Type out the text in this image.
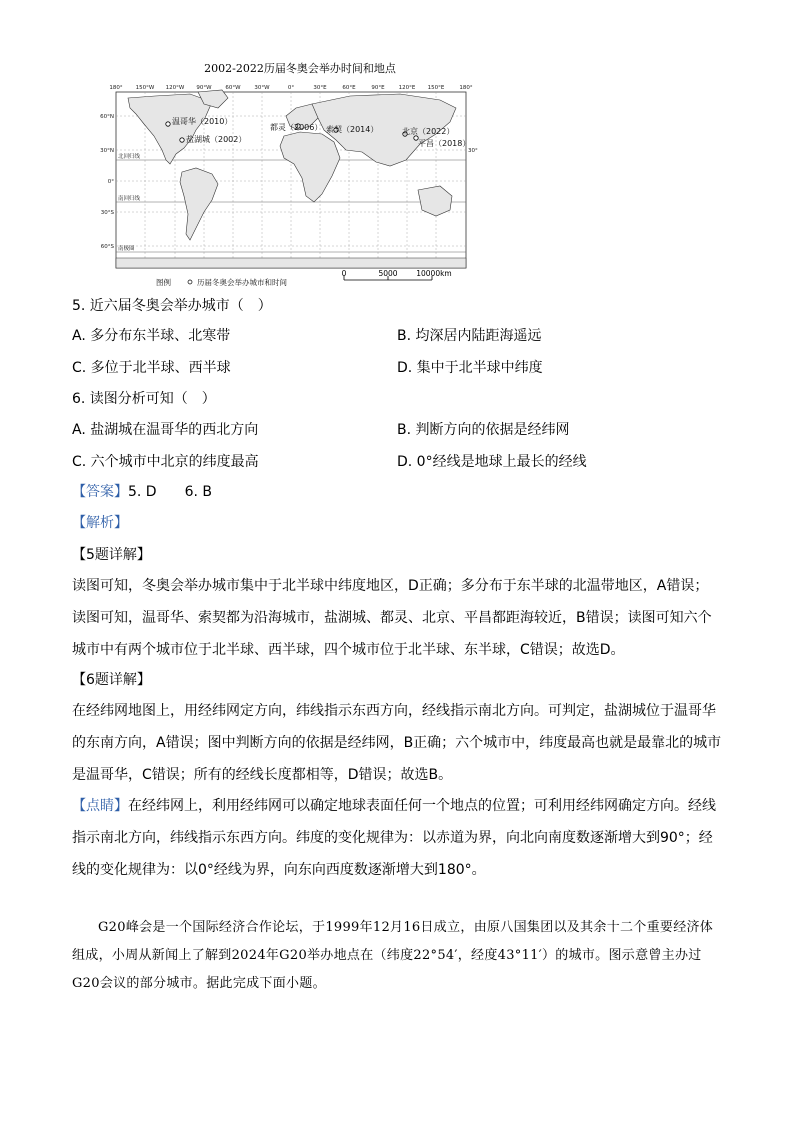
2002-2022历届冬奥会举办时间和地点
180° 150°W 120°W 90°W	60°W	30°W	0°	30°E	60°E	90°E	120°E 150°E	180°
60°N
30°N
0°
30°S
60°S
北回归线
南回归线
南极圈
30°
温哥华（2010）
盐湖城（2002）
都灵（2006） 索契（2014）	北京（2022）
平昌（2018）
图例	历届冬奥会举办城市和时间
0	5000 10000km
5. 近六届冬奥会举办城市（　）
A. 多分布东半球、北寒带	B. 均深居内陆距海遥远
C. 多位于北半球、西半球	D. 集中于北半球中纬度
6. 读图分析可知（　）
A. 盐湖城在温哥华的西北方向	B. 判断方向的依据是经纬网
C. 六个城市中北京的纬度最高	D. 0°经线是地球上最长的经线
【答案】5. D　　6. B
【解析】
【5题详解】
读图可知，冬奥会举办城市集中于北半球中纬度地区，D正确；多分布于东半球的北温带地区，A错误；读图可知，温哥华、索契都为沿海城市，盐湖城、都灵、北京、平昌都距海较近，B错误；读图可知六个城市中有两个城市位于北半球、西半球，四个城市位于北半球、东半球，C错误；故选D。
【6题详解】
在经纬网地图上，用经纬网定方向，纬线指示东西方向，经线指示南北方向。可判定，盐湖城位于温哥华的东南方向，A错误；图中判断方向的依据是经纬网，B正确；六个城市中，纬度最高也就是最靠北的城市是温哥华，C错误；所有的经线长度都相等，D错误；故选B。
【点睛】在经纬网上，利用经纬网可以确定地球表面任何一个地点的位置；可利用经纬网确定方向。经线指示南北方向，纬线指示东西方向。纬度的变化规律为：以赤道为界，向北向南度数逐渐增大到90°；经线的变化规律为：以0°经线为界，向东向西度数逐渐增大到180°。
G20峰会是一个国际经济合作论坛，于1999年12月16日成立，由原八国集团以及其余十二个重要经济体组成，小周从新闻上了解到2024年G20举办地点在（纬度22°54′，经度43°11′）的城市。图示意曾主办过G20会议的部分城市。据此完成下面小题。
